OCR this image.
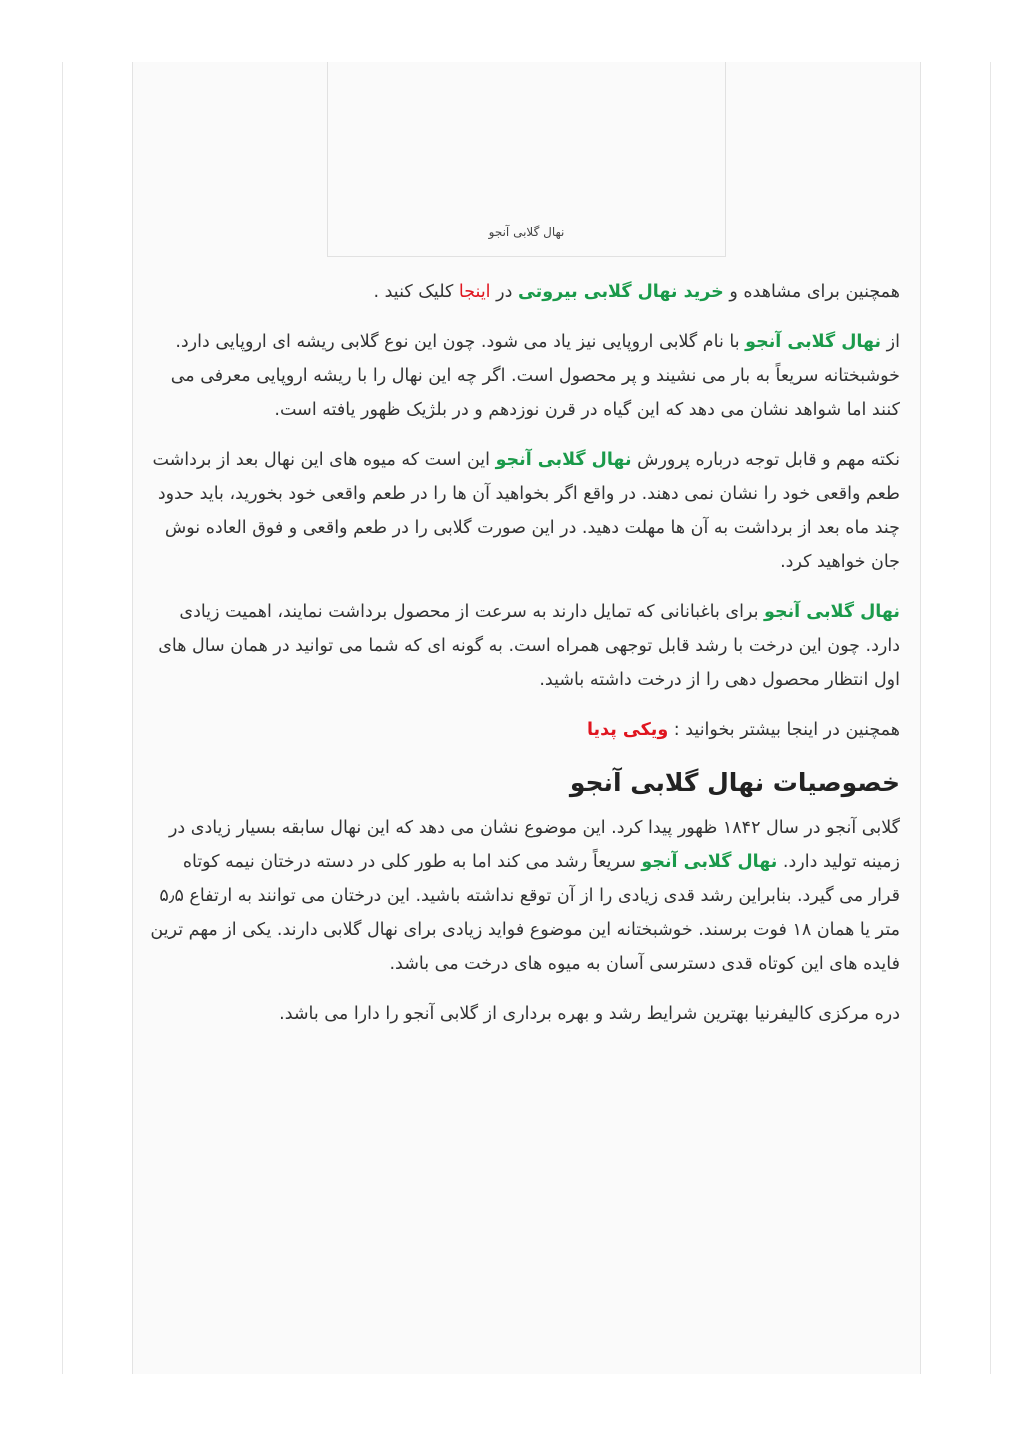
نهال گلابی آنجو

همچنین برای مشاهده و خرید نهال گلابی بیروتی در اینجا کلیک کنید .

از نهال گلابی آنجو با نام گلابی اروپایی نیز یاد می شود. چون این نوع گلابی ریشه ای اروپایی دارد. خوشبختانه سریعاً به بار می نشیند و پر محصول است. اگر چه این نهال را با ریشه اروپایی معرفی می کنند اما شواهد نشان می دهد که این گیاه در قرن نوزدهم و در بلژیک ظهور یافته است.

نکته مهم و قابل توجه درباره پرورش نهال گلابی آنجو این است که میوه های این نهال بعد از برداشت طعم واقعی خود را نشان نمی دهند. در واقع اگر بخواهید آن ها را در طعم واقعی خود بخورید، باید حدود چند ماه بعد از برداشت به آن ها مهلت دهید. در این صورت گلابی را در طعم واقعی و فوق العاده نوش جان خواهید کرد.

نهال گلابی آنجو برای باغبانانی که تمایل دارند به سرعت از محصول برداشت نمایند، اهمیت زیادی دارد. چون این درخت با رشد قابل توجهی همراه است. به گونه ای که شما می توانید در همان سال های اول انتظار محصول دهی را از درخت داشته باشید.

همچنین در اینجا بیشتر بخوانید : ویکی پدیا

خصوصیات نهال گلابی آنجو

گلابی آنجو در سال ۱۸۴۲ ظهور پیدا کرد. این موضوع نشان می دهد که این نهال سابقه بسیار زیادی در زمینه تولید دارد. نهال گلابی آنجو سریعاً رشد می کند اما به طور کلی در دسته درختان نیمه کوتاه قرار می گیرد. بنابراین رشد قدی زیادی را از آن توقع نداشته باشید. این درختان می توانند به ارتفاع ۵٫۵ متر یا همان ۱۸ فوت برسند. خوشبختانه این موضوع فواید زیادی برای نهال گلابی دارند. یکی از مهم ترین فایده های این کوتاه قدی دسترسی آسان به میوه های درخت می باشد.

دره مرکزی کالیفرنیا بهترین شرایط رشد و بهره برداری از گلابی آنجو را دارا می باشد.
